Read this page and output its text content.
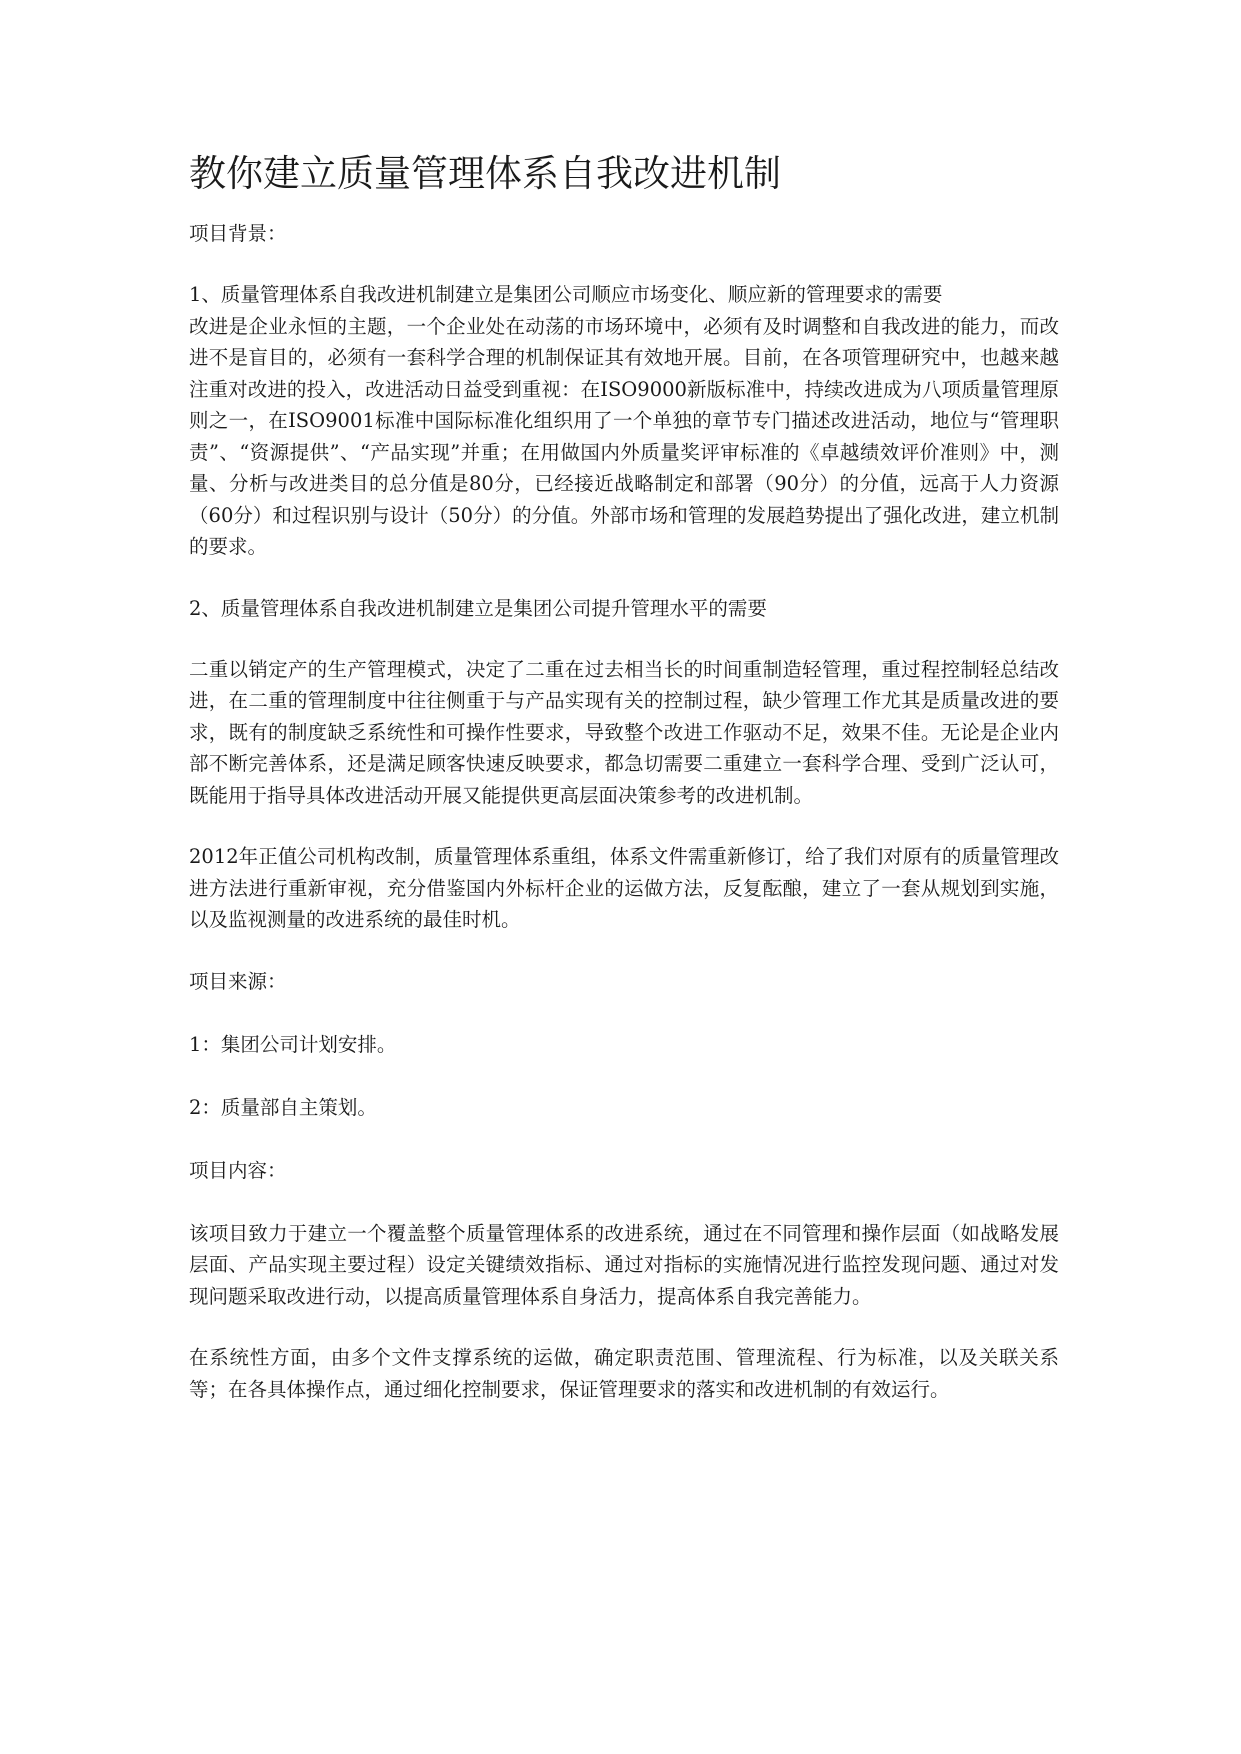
教你建立质量管理体系自我改进机制

项目背景：

1、质量管理体系自我改进机制建立是集团公司顺应市场变化、顺应新的管理要求的需要

改进是企业永恒的主题，一个企业处在动荡的市场环境中，必须有及时调整和自我改进的能力，而改进不是盲目的，必须有一套科学合理的机制保证其有效地开展。目前，在各项管理研究中，也越来越注重对改进的投入，改进活动日益受到重视：在ISO9000新版标准中，持续改进成为八项质量管理原则之一，在ISO9001标准中国际标准化组织用了一个单独的章节专门描述改进活动，地位与“管理职责”、“资源提供”、“产品实现”并重；在用做国内外质量奖评审标准的《卓越绩效评价准则》中，测量、分析与改进类目的总分值是80分，已经接近战略制定和部署（90分）的分值，远高于人力资源（60分）和过程识别与设计（50分）的分值。外部市场和管理的发展趋势提出了强化改进，建立机制的要求。

2、质量管理体系自我改进机制建立是集团公司提升管理水平的需要

二重以销定产的生产管理模式，决定了二重在过去相当长的时间重制造轻管理，重过程控制轻总结改进，在二重的管理制度中往往侧重于与产品实现有关的控制过程，缺少管理工作尤其是质量改进的要求，既有的制度缺乏系统性和可操作性要求，导致整个改进工作驱动不足，效果不佳。无论是企业内部不断完善体系，还是满足顾客快速反映要求，都急切需要二重建立一套科学合理、受到广泛认可，既能用于指导具体改进活动开展又能提供更高层面决策参考的改进机制。

2012年正值公司机构改制，质量管理体系重组，体系文件需重新修订，给了我们对原有的质量管理改进方法进行重新审视，充分借鉴国内外标杆企业的运做方法，反复酝酿，建立了一套从规划到实施，以及监视测量的改进系统的最佳时机。

项目来源：

1：集团公司计划安排。

2：质量部自主策划。

项目内容：

该项目致力于建立一个覆盖整个质量管理体系的改进系统，通过在不同管理和操作层面（如战略发展层面、产品实现主要过程）设定关键绩效指标、通过对指标的实施情况进行监控发现问题、通过对发现问题采取改进行动，以提高质量管理体系自身活力，提高体系自我完善能力。

在系统性方面，由多个文件支撑系统的运做，确定职责范围、管理流程、行为标准，以及关联关系等；在各具体操作点，通过细化控制要求，保证管理要求的落实和改进机制的有效运行。
